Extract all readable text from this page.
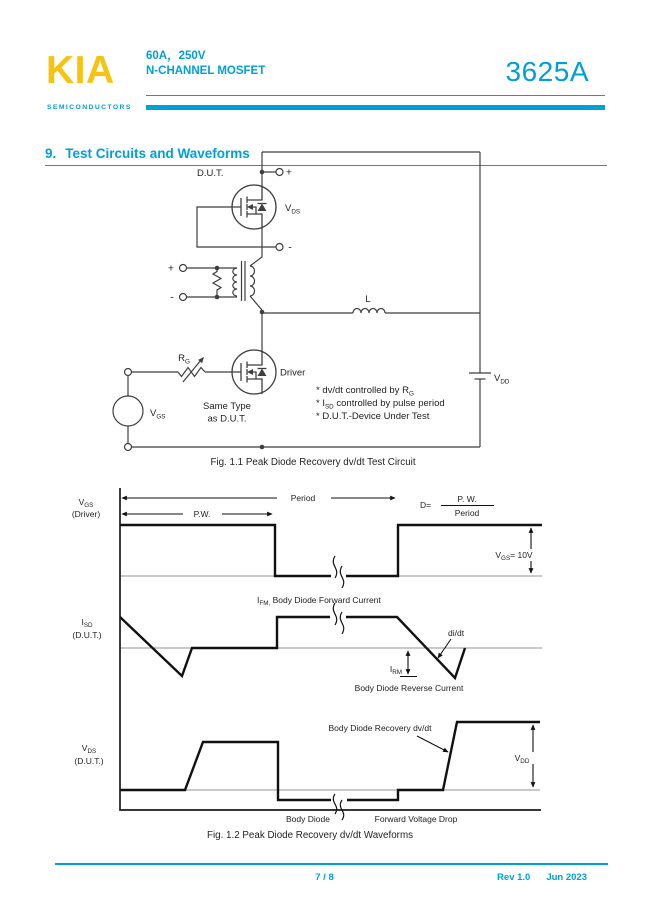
KIA
SEMICONDUCTORS
60A，250V
N-CHANNEL MOSFET	3625A
9. Test Circuits and Waveforms
D.U.T.	+
-
$V_{DS}$
+
-	L
$R_G$
Driver
Same Type
as D.U.T.
$V_{GS}$
$V_{DD}$
* dv/dt controlled by $R_G$
* $I_{SD}$ controlled by pulse period
* D.U.T.-Device Under Test
Fig. 1.1 Peak Diode Recovery dv/dt Test Circuit
$V_{GS}$
(Driver)
$I_{SD}$
(D.U.T.)
$V_{DS}$
(D.U.T.)
Period
P.W.
D=
P. W.
Period
$V_{GS}= 10V$
$I_{FM,}$ Body Diode Forward Current
di/dt
$I_{RM}$
Body Diode Reverse Current
Body Diode Recovery dv/dt
$V_{DD}$
Body Diode	Forward Voltage Drop
Fig. 1.2 Peak Diode Recovery dv/dt Waveforms
7 / 8	Rev 1.0 Jun 2023
